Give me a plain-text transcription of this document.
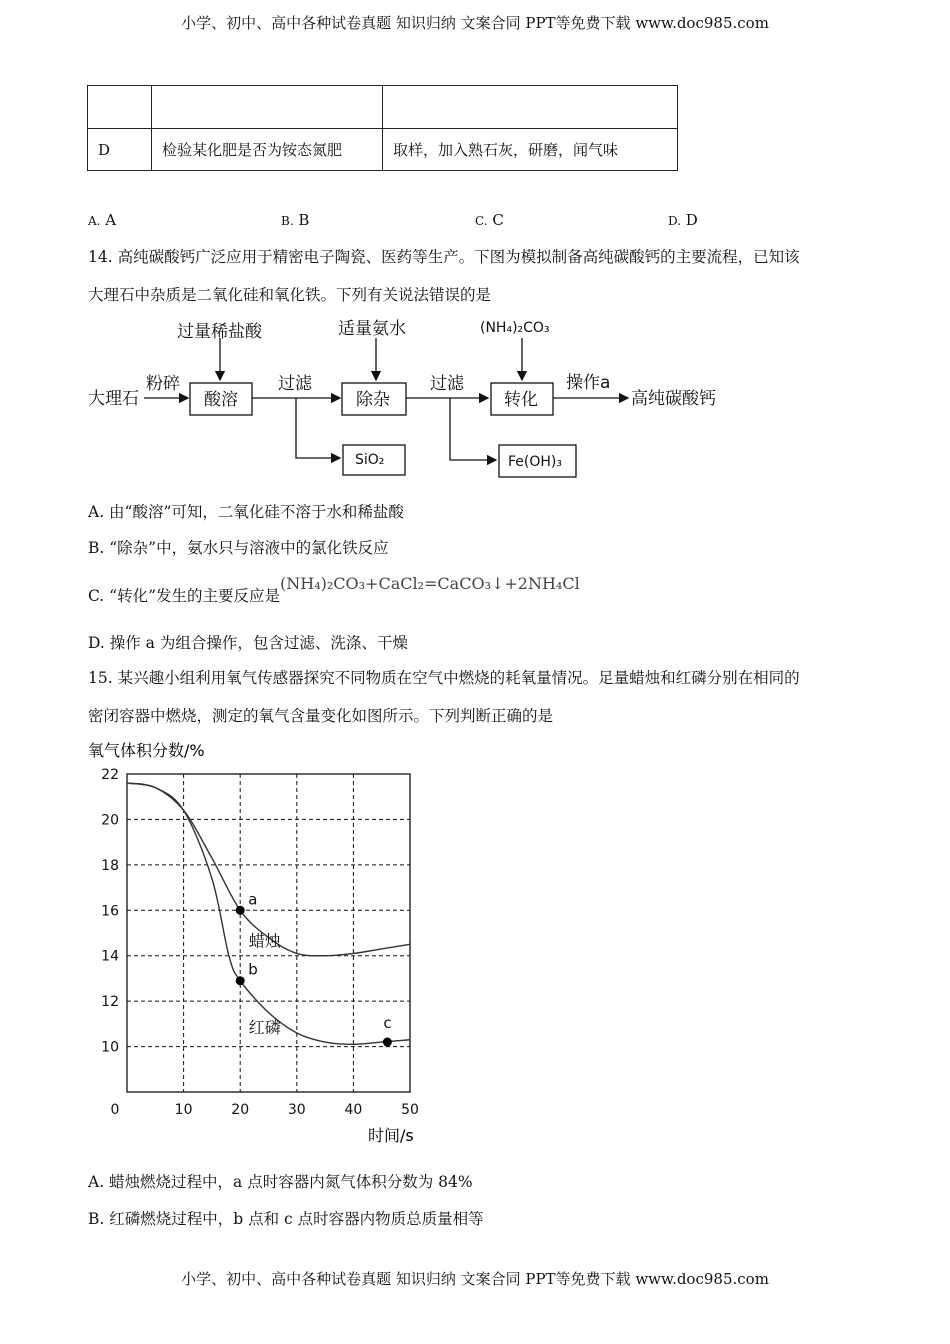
小学、初中、高中各种试卷真题 知识归纳 文案合同 PPT等免费下载 www.doc985.com

D	检验某化肥是否为铵态氮肥	取样，加入熟石灰，研磨，闻气味
A. A	B. B	C. C	D. D
14. 高纯碳酸钙广泛应用于精密电子陶瓷、医药等生产。下图为模拟制备高纯碳酸钙的主要流程，已知该
大理石中杂质是二氧化硅和氧化铁。下列有关说法错误的是
大理石
粉碎
过量稀盐酸
酸溶
过滤
SiO₂
适量氨水
除杂
过滤
Fe(OH)₃
(NH₄)₂CO₃
转化
操作a
高纯碳酸钙
A. 由“酸溶”可知，二氧化硅不溶于水和稀盐酸
B. “除杂”中，氨水只与溶液中的氯化铁反应
C. “转化”发生的主要反应是(NH₄)₂CO₃+CaCl₂=CaCO₃↓+2NH₄Cl
D. 操作 a 为组合操作，包含过滤、洗涤、干燥
15. 某兴趣小组利用氧气传感器探究不同物质在空气中燃烧的耗氧量情况。足量蜡烛和红磷分别在相同的
密闭容器中燃烧，测定的氧气含量变化如图所示。下列判断正确的是
氧气体积分数/%
时间/s
10
12
14
16
18
20
22
0	10	20	30	40	50
a
b
c
蜡烛
红磷
A. 蜡烛燃烧过程中，a 点时容器内氮气体积分数为 84%
B. 红磷燃烧过程中，b 点和 c 点时容器内物质总质量相等
小学、初中、高中各种试卷真题 知识归纳 文案合同 PPT等免费下载 www.doc985.com
